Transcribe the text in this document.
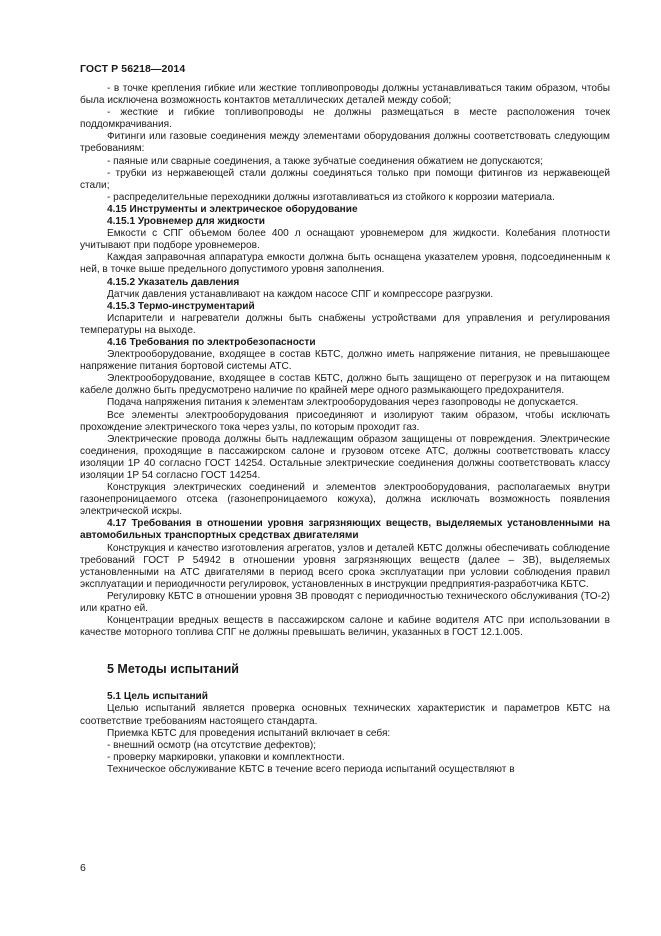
ГОСТ Р 56218—2014

- в точке крепления гибкие или жесткие топливопроводы должны устанавливаться таким образом, чтобы была исключена возможность контактов металлических деталей между собой;

- жесткие и гибкие топливопроводы не должны размещаться в месте расположения точек поддомкрачивания.

Фитинги или газовые соединения между элементами оборудования должны соответствовать следующим требованиям:

- паяные или сварные соединения, а также зубчатые соединения обжатием не допускаются;

- трубки из нержавеющей стали должны соединяться только при помощи фитингов из нержавеющей стали;

- распределительные переходники должны изготавливаться из стойкого к коррозии материала.

4.15 Инструменты и электрическое оборудование

4.15.1 Уровнемер для жидкости

Емкости с СПГ объемом более 400 л оснащают уровнемером для жидкости. Колебания плотности учитывают при подборе уровнемеров.

Каждая заправочная аппаратура емкости должна быть оснащена указателем уровня, подсоединенным к ней, в точке выше предельного допустимого уровня заполнения.

4.15.2 Указатель давления

Датчик давления устанавливают на каждом насосе СПГ и компрессоре разгрузки.

4.15.3 Термо-инструментарий

Испарители и нагреватели должны быть снабжены устройствами для управления и регулирования температуры на выходе.

4.16 Требования по электробезопасности

Электрооборудование, входящее в состав КБТС, должно иметь напряжение питания, не превышающее напряжение питания бортовой системы АТС.

Электрооборудование, входящее в состав КБТС, должно быть защищено от перегрузок и на питающем кабеле должно быть предусмотрено наличие по крайней мере одного размыкающего предохранителя.

Подача напряжения питания к элементам электрооборудования через газопроводы не допускается.

Все элементы электрооборудования присоединяют и изолируют таким образом, чтобы исключать прохождение электрического тока через узлы, по которым проходит газ.

Электрические провода должны быть надлежащим образом защищены от повреждения. Электрические соединения, проходящие в пассажирском салоне и грузовом отсеке АТС, должны соответствовать классу изоляции 1Р 40 согласно ГОСТ 14254. Остальные электрические соединения должны соответствовать классу изоляции 1Р 54 согласно ГОСТ 14254.

Конструкция электрических соединений и элементов электрооборудования, располагаемых внутри газонепроницаемого отсека (газонепроницаемого кожуха), должна исключать возможность появления электрической искры.

4.17 Требования в отношении уровня загрязняющих веществ, выделяемых установленными на автомобильных транспортных средствах двигателями

Конструкция и качество изготовления агрегатов, узлов и деталей КБТС должны обеспечивать соблюдение требований ГОСТ Р 54942 в отношении уровня загрязняющих веществ (далее – ЗВ), выделяемых установленными на АТС двигателями в период всего срока эксплуатации при условии соблюдения правил эксплуатации и периодичности регулировок, установленных в инструкции предприятия-разработчика КБТС.

Регулировку КБТС в отношении уровня ЗВ проводят с периодичностью технического обслуживания (ТО-2) или кратно ей.

Концентрации вредных веществ в пассажирском салоне и кабине водителя АТС при использовании в качестве моторного топлива СПГ не должны превышать величин, указанных в ГОСТ 12.1.005.

5 Методы испытаний

5.1 Цель испытаний

Целью испытаний является проверка основных технических характеристик и параметров КБТС на соответствие требованиям настоящего стандарта.

Приемка КБТС для проведения испытаний включает в себя:

- внешний осмотр (на отсутствие дефектов);

- проверку маркировки, упаковки и комплектности.

Техническое обслуживание КБТС в течение всего периода испытаний осуществляют в

6
